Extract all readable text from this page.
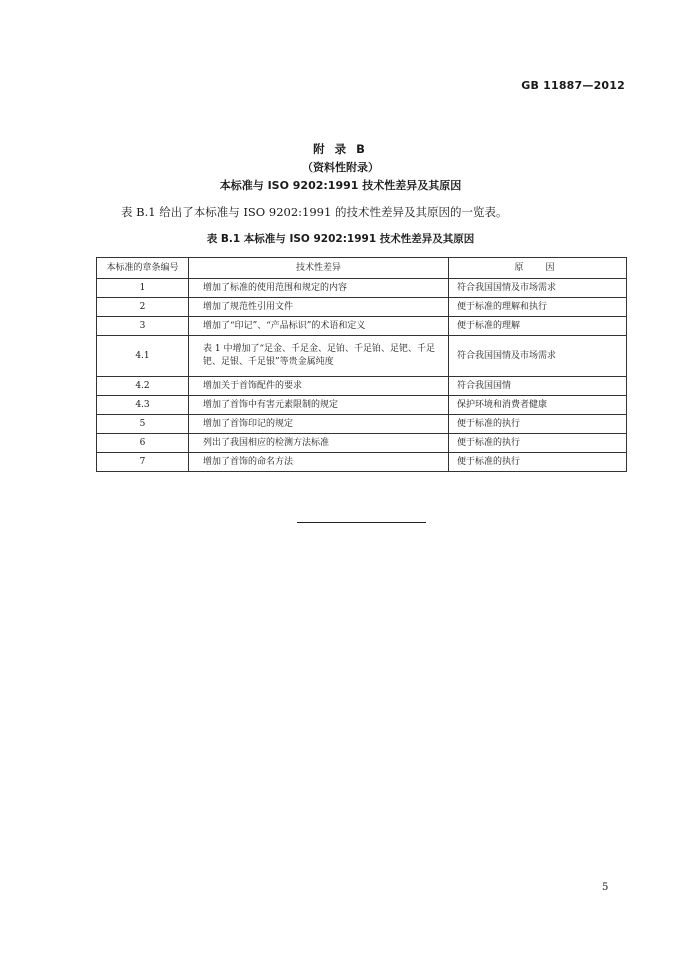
GB 11887—2012
附 录 B
（资料性附录）
本标准与 ISO 9202:1991 技术性差异及其原因
表 B.1 给出了本标准与 ISO 9202:1991 的技术性差异及其原因的一览表。
表 B.1 本标准与 ISO 9202:1991 技术性差异及其原因
本标准的章条编号	技术性差异	原因
1	增加了标准的使用范围和规定的内容	符合我国国情及市场需求
2	增加了规范性引用文件	便于标准的理解和执行
3	增加了“印记”、“产品标识”的术语和定义	便于标准的理解
4.1	表 1 中增加了“足金、千足金、足铂、千足铂、足钯、千足钯、足银、千足银”等贵金属纯度	符合我国国情及市场需求
4.2	增加关于首饰配件的要求	符合我国国情
4.3	增加了首饰中有害元素限制的规定	保护环境和消费者健康
5	增加了首饰印记的规定	便于标准的执行
6	列出了我国相应的检测方法标准	便于标准的执行
7	增加了首饰的命名方法	便于标准的执行
5
